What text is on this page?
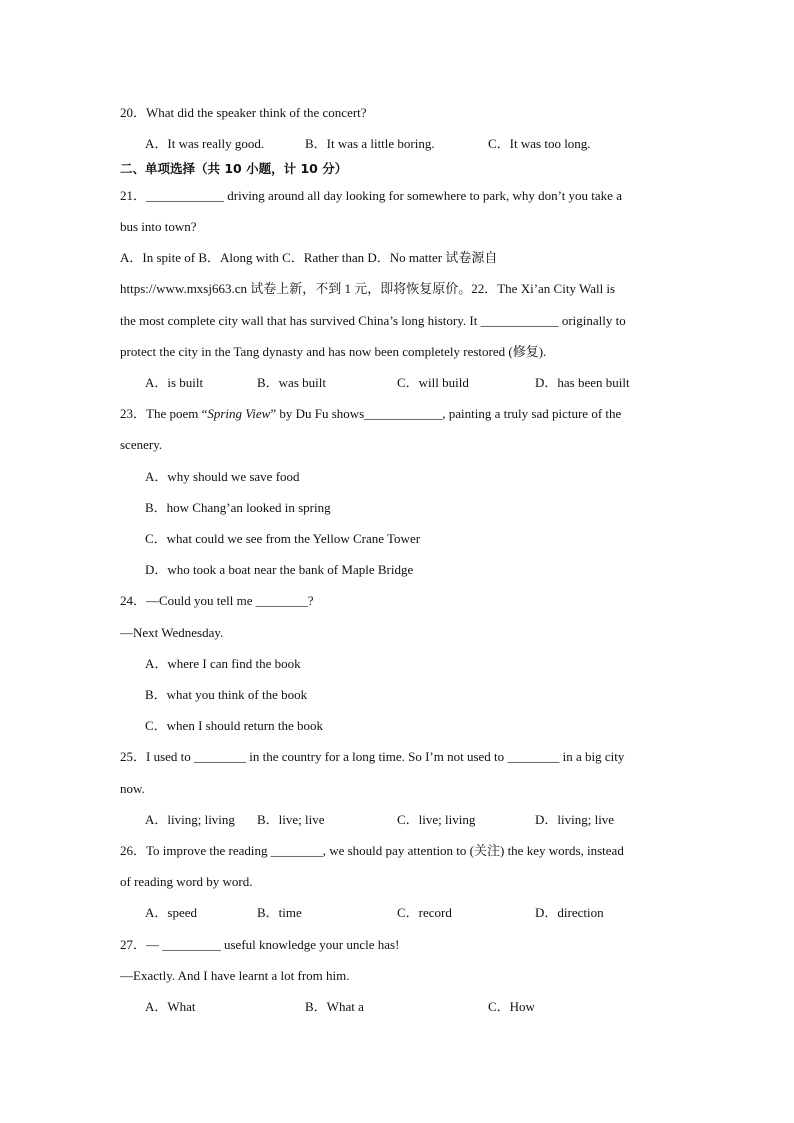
20．What did the speaker think of the concert?
A．It was really good.	B．It was a little boring.	C．It was too long.
二、单项选择（共 10 小题，计 10 分）
21．____________ driving around all day looking for somewhere to park, why don’t you take a
bus into town?
A．In spite of B．Along with C．Rather than D．No matter 试卷源自
https://www.mxsj663.cn 试卷上新，不到 1 元，即将恢复原价。22．The Xi’an City Wall is
the most complete city wall that has survived China’s long history. It ____________ originally to
protect the city in the Tang dynasty and has now been completely restored (修复).
A．is built	B．was built	C．will build	D．has been built
23．The poem “Spring View” by Du Fu shows____________, painting a truly sad picture of the
scenery.
A．why should we save food
B．how Chang’an looked in spring
C．what could we see from the Yellow Crane Tower
D．who took a boat near the bank of Maple Bridge
24．—Could you tell me ________?
—Next Wednesday.
A．where I can find the book
B．what you think of the book
C．when I should return the book
25．I used to ________ in the country for a long time. So I’m not used to ________ in a big city
now.
A．living; living B．live; live	C．live; living	D．living; live
26．To improve the reading ________, we should pay attention to (关注) the key words, instead
of reading word by word.
A．speed	B．time	C．record	D．direction
27．— _________ useful knowledge your uncle has!
—Exactly. And I have learnt a lot from him.
A．What	B．What a	C．How
